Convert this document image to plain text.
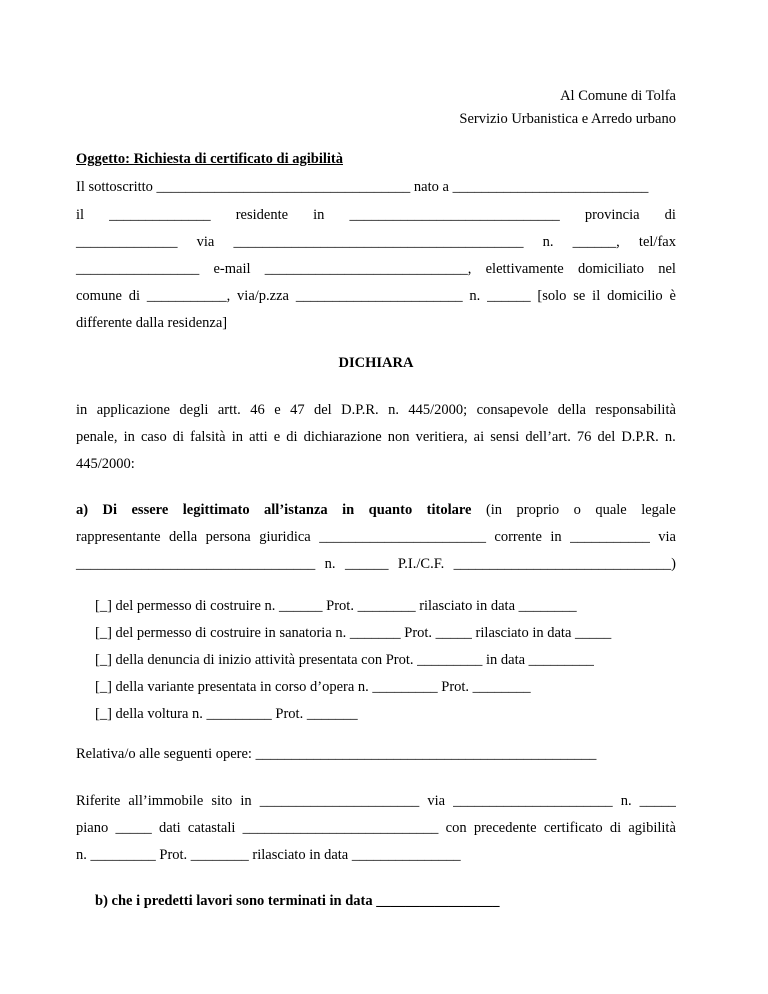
Al Comune di Tolfa
Servizio Urbanistica e Arredo urbano
Oggetto: Richiesta di certificato di agibilità
Il sottoscritto ___________________________________ nato a ___________________________
il ______________ residente in _____________________________ provincia di
______________ via ________________________________________ n. ______, tel/fax
_________________ e-mail ____________________________, elettivamente domiciliato nel
comune di ___________, via/p.zza _______________________ n. ______ [solo se il domicilio è
differente dalla residenza]
DICHIARA
in applicazione degli artt. 46 e 47 del D.P.R. n. 445/2000; consapevole della responsabilità
penale, in caso di falsità in atti e di dichiarazione non veritiera, ai sensi dell’art. 76 del D.P.R. n.
445/2000:
a) Di essere legittimato all’istanza in quanto titolare (in proprio o quale legale
rappresentante della persona giuridica _______________________ corrente in ___________ via
_________________________________ n. ______ P.I./C.F. ______________________________)
[_] del permesso di costruire n. ______ Prot. ________ rilasciato in data ________
[_] del permesso di costruire in sanatoria n. _______ Prot. _____ rilasciato in data _____
[_] della denuncia di inizio attività presentata con Prot. _________ in data _________
[_] della variante presentata in corso d’opera n. _________ Prot. ________
[_] della voltura n. _________ Prot. _______
Relativa/o alle seguenti opere: _______________________________________________
Riferite all’immobile sito in ______________________ via ______________________ n. _____
piano _____ dati catastali ___________________________ con precedente certificato di agibilità
n. _________ Prot. ________ rilasciato in data _______________
b) che i predetti lavori sono terminati in data _________________
